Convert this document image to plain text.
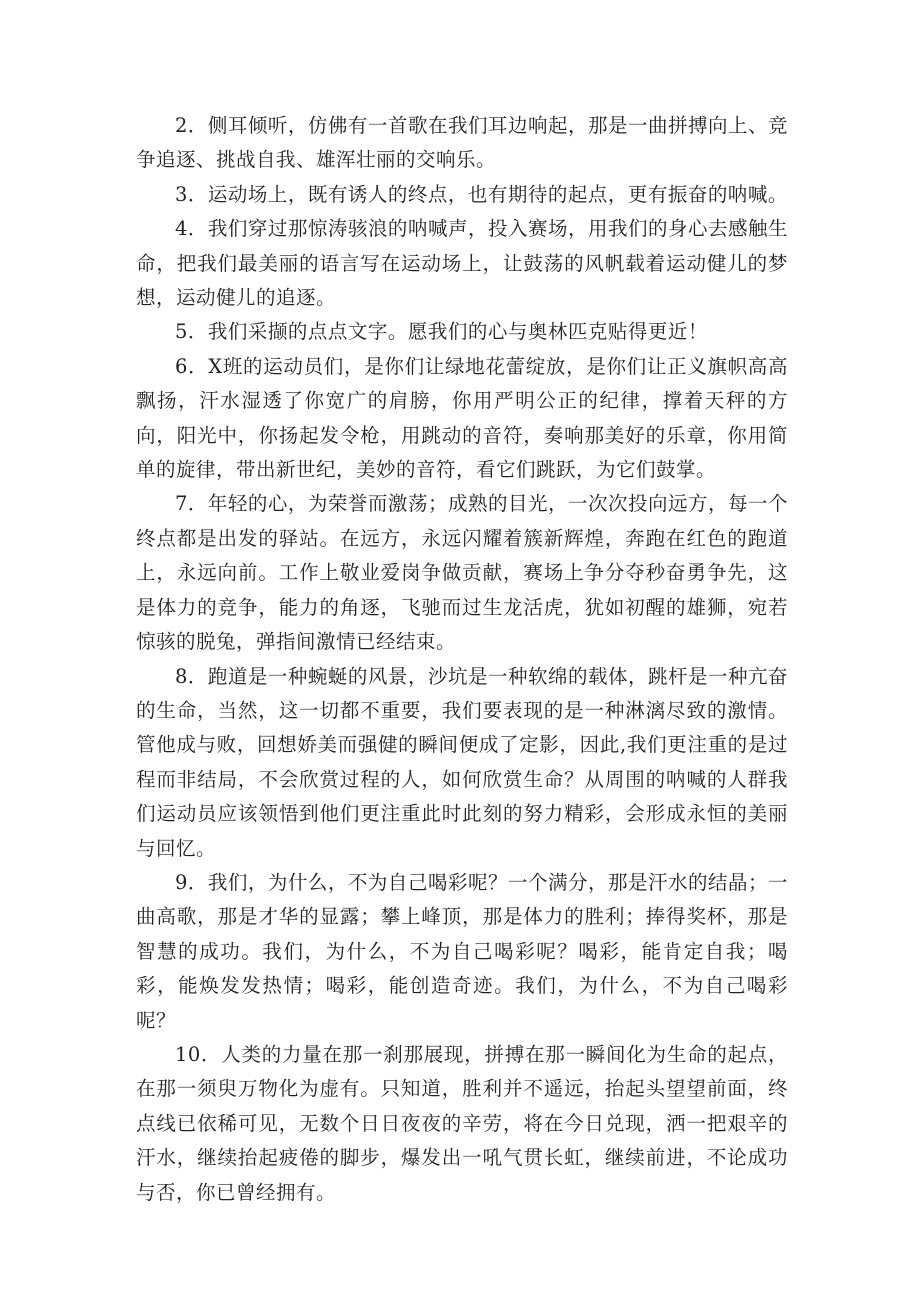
2．侧耳倾听，仿佛有一首歌在我们耳边响起，那是一曲拼搏向上、竞争追逐、挑战自我、雄浑壮丽的交响乐。

3．运动场上，既有诱人的终点，也有期待的起点，更有振奋的呐喊。

4．我们穿过那惊涛骇浪的呐喊声，投入赛场，用我们的身心去感触生命，把我们最美丽的语言写在运动场上，让鼓荡的风帆载着运动健儿的梦想，运动健儿的追逐。

5．我们采撷的点点文字。愿我们的心与奥林匹克贴得更近！

6．X班的运动员们，是你们让绿地花蕾绽放，是你们让正义旗帜高高飘扬，汗水湿透了你宽广的肩膀，你用严明公正的纪律，撑着天秤的方向，阳光中，你扬起发令枪，用跳动的音符，奏响那美好的乐章，你用简单的旋律，带出新世纪，美妙的音符，看它们跳跃，为它们鼓掌。

7．年轻的心，为荣誉而激荡；成熟的目光，一次次投向远方，每一个终点都是出发的驿站。在远方，永远闪耀着簇新辉煌，奔跑在红色的跑道上，永远向前。工作上敬业爱岗争做贡献，赛场上争分夺秒奋勇争先，这是体力的竞争，能力的角逐，飞驰而过生龙活虎，犹如初醒的雄狮，宛若惊骇的脱兔，弹指间激情已经结束。

8．跑道是一种蜿蜒的风景，沙坑是一种软绵的载体，跳杆是一种亢奋的生命，当然，这一切都不重要，我们要表现的是一种淋漓尽致的激情。管他成与败，回想娇美而强健的瞬间便成了定影，因此,我们更注重的是过程而非结局，不会欣赏过程的人，如何欣赏生命？从周围的呐喊的人群我们运动员应该领悟到他们更注重此时此刻的努力精彩，会形成永恒的美丽与回忆。

9．我们，为什么，不为自己喝彩呢？一个满分，那是汗水的结晶；一曲高歌，那是才华的显露；攀上峰顶，那是体力的胜利；捧得奖杯，那是智慧的成功。我们，为什么，不为自己喝彩呢？喝彩，能肯定自我；喝彩，能焕发发热情；喝彩，能创造奇迹。我们，为什么，不为自己喝彩呢？

10．人类的力量在那一刹那展现，拼搏在那一瞬间化为生命的起点，在那一须臾万物化为虚有。只知道，胜利并不遥远，抬起头望望前面，终点线已依稀可见，无数个日日夜夜的辛劳，将在今日兑现，洒一把艰辛的汗水，继续抬起疲倦的脚步，爆发出一吼气贯长虹，继续前进，不论成功与否，你已曾经拥有。
